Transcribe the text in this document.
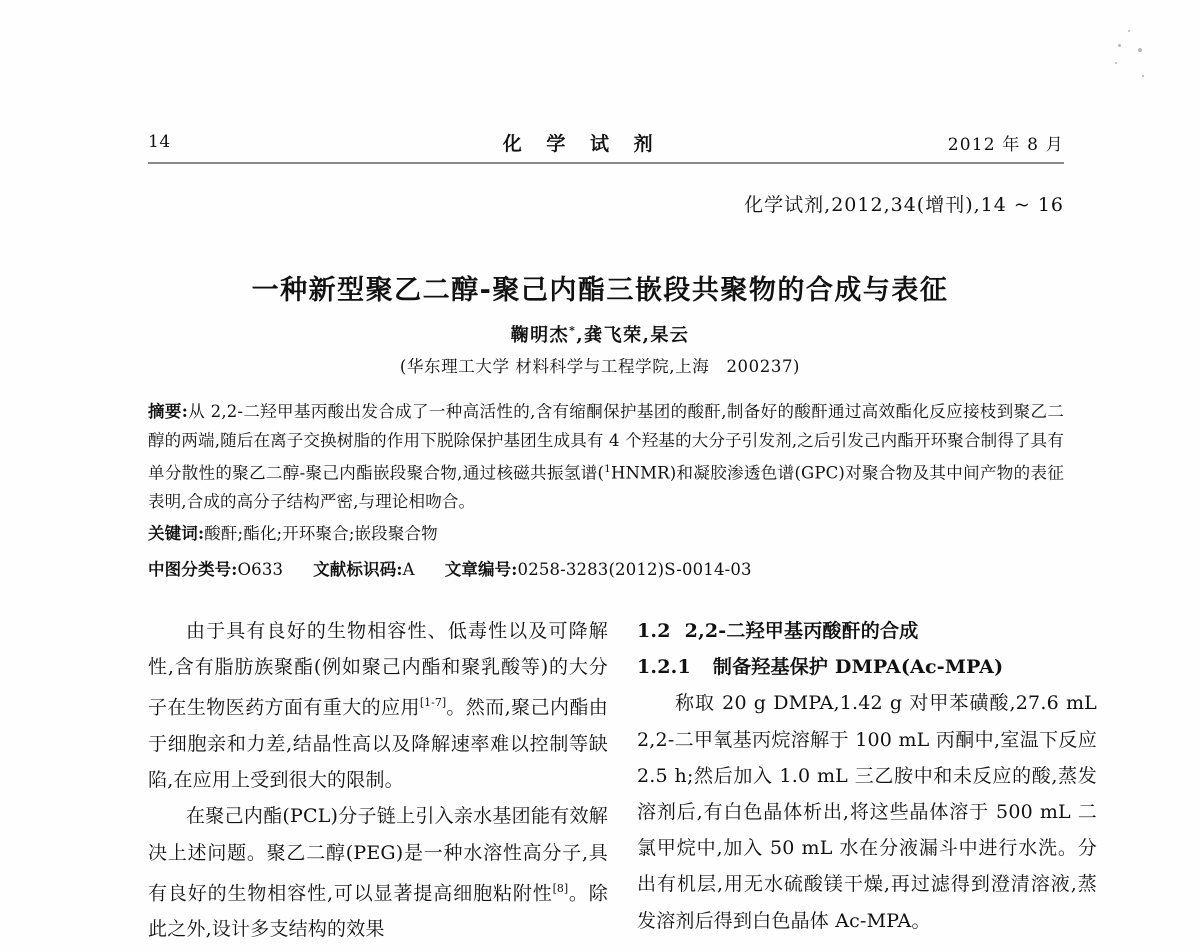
14	化 学 试 剂	2012 年 8 月
化学试剂,2012,34(增刊),14 ~ 16
一种新型聚乙二醇-聚己内酯三嵌段共聚物的合成与表征
鞠明杰*,龚飞荣,杲云
(华东理工大学 材料科学与工程学院,上海　200237)
摘要:从 2,2-二羟甲基丙酸出发合成了一种高活性的,含有缩酮保护基团的酸酐,制备好的酸酐通过高效酯化反应接枝到聚乙二醇的两端,随后在离子交换树脂的作用下脱除保护基团生成具有 4 个羟基的大分子引发剂,之后引发己内酯开环聚合制得了具有单分散性的聚乙二醇-聚己内酯嵌段聚合物,通过核磁共振氢谱($^1$HNMR)和凝胶渗透色谱(GPC)对聚合物及其中间产物的表征表明,合成的高分子结构严密,与理论相吻合。
关键词:酸酐;酯化;开环聚合;嵌段聚合物
中图分类号:O633 文献标识码:A 文章编号:0258-3283(2012)S-0014-03

由于具有良好的生物相容性、低毒性以及可降解性,含有脂肪族聚酯(例如聚己内酯和聚乳酸等)的大分子在生物医药方面有重大的应用[1-7]。然而,聚己内酯由于细胞亲和力差,结晶性高以及降解速率难以控制等缺陷,在应用上受到很大的限制。

在聚己内酯(PCL)分子链上引入亲水基团能有效解决上述问题。聚乙二醇(PEG)是一种水溶性高分子,具有良好的生物相容性,可以显著提高细胞粘附性[8]。除此之外,设计多支结构的效果

1.2 2,2-二羟甲基丙酸酐的合成
1.2.1 制备羟基保护 DMPA(Ac-MPA)

称取 20 g DMPA,1.42 g 对甲苯磺酸,27.6 mL 2,2-二甲氧基丙烷溶解于 100 mL 丙酮中,室温下反应 2.5 h;然后加入 1.0 mL 三乙胺中和未反应的酸,蒸发溶剂后,有白色晶体析出,将这些晶体溶于 500 mL 二氯甲烷中,加入 50 mL 水在分液漏斗中进行水洗。分出有机层,用无水硫酸镁干燥,再过滤得到澄清溶液,蒸发溶剂后得到白色晶体 Ac-MPA。
